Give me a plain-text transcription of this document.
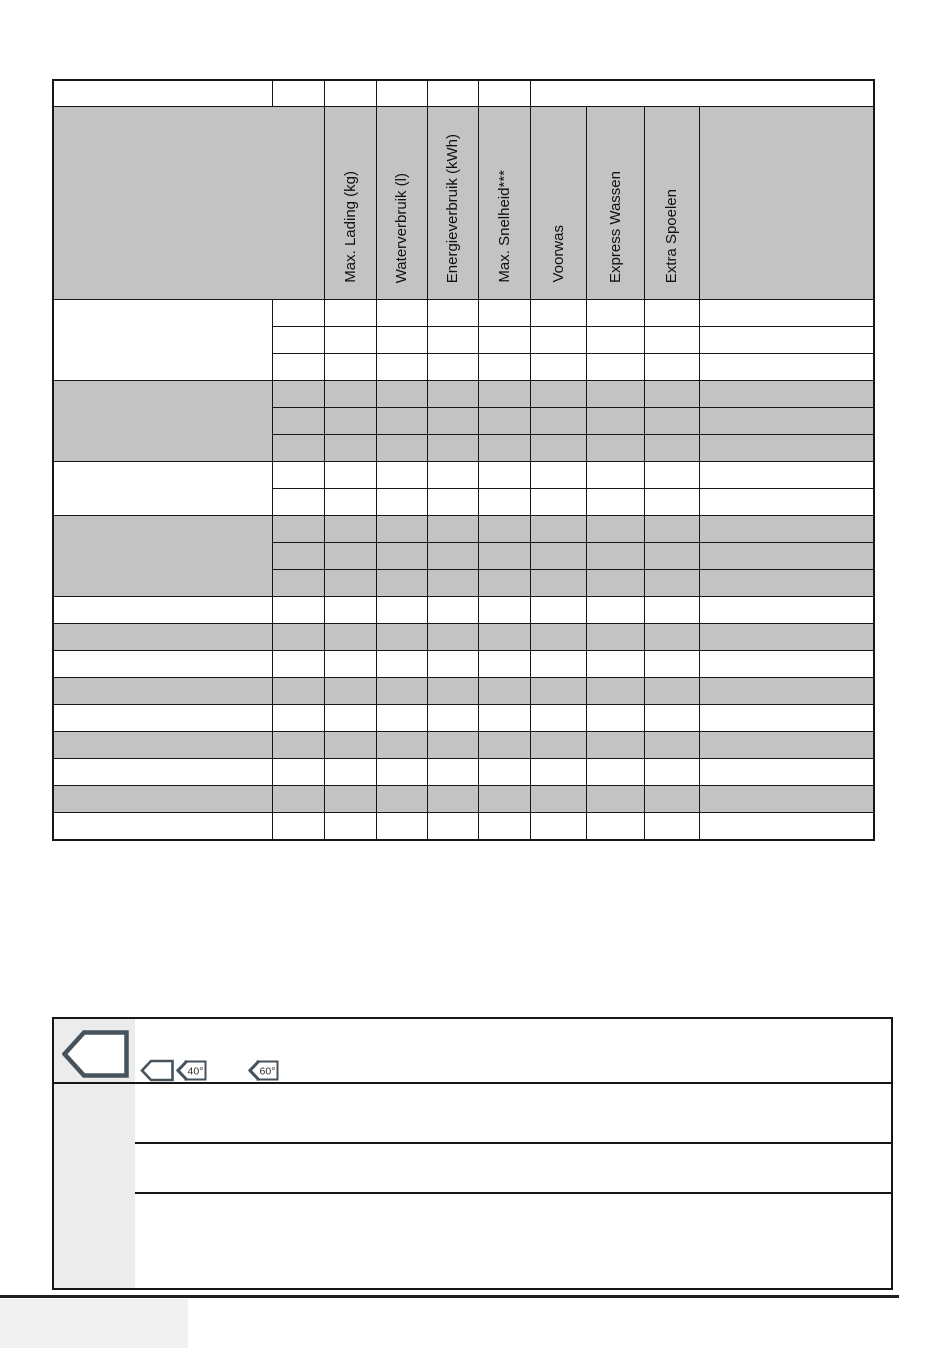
		Max. Lading (kg)	Waterverbruik (l)	Energieverbruik (kWh)	Max. Snelheid***	Voorwas	Express Wassen	Extra Spoelen	

40°	60°
